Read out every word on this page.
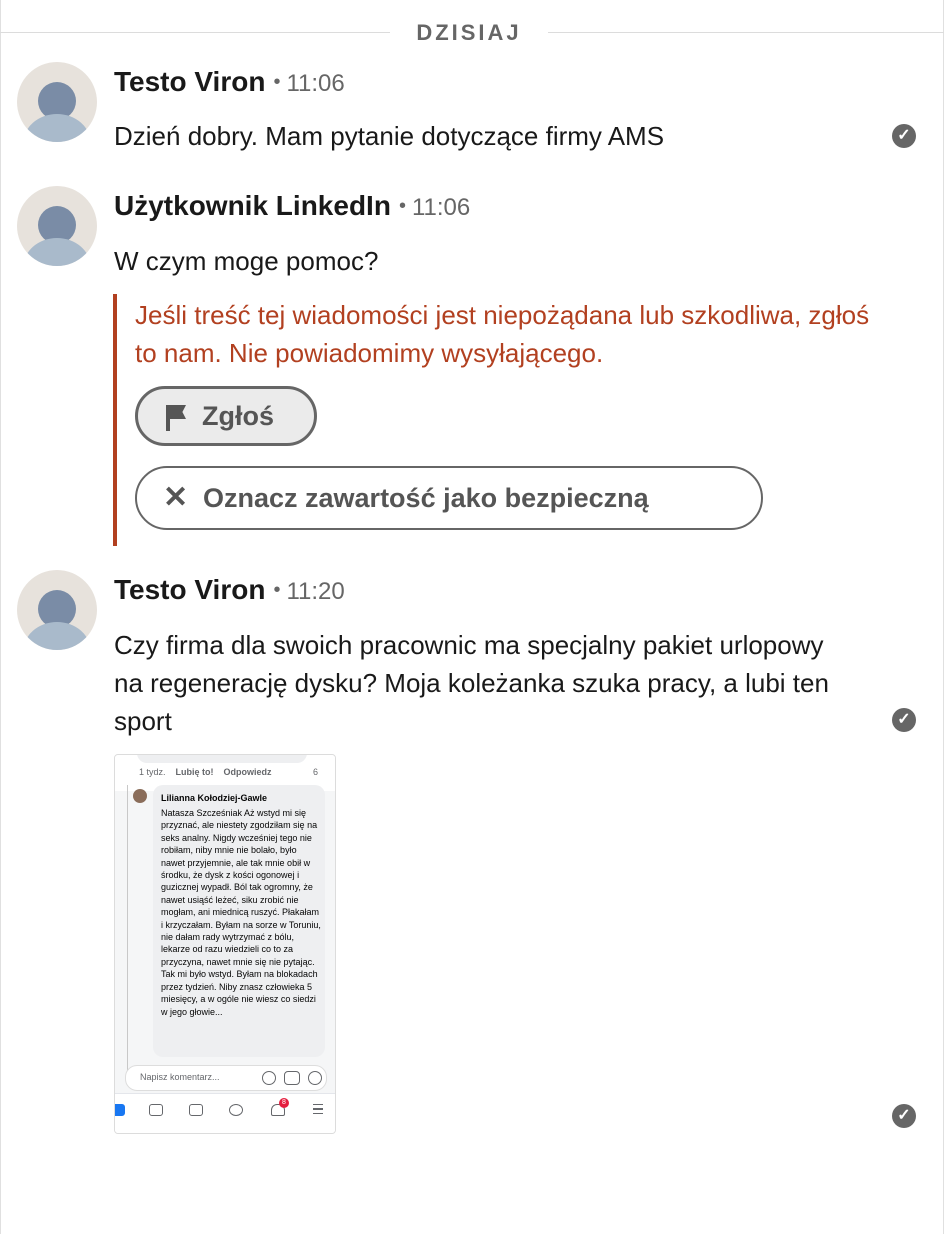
DZISIAJ
Testo Viron • 11:06
Dzień dobry. Mam pytanie dotyczące firmy AMS	✓
Użytkownik LinkedIn • 11:06
W czym moge pomoc?
Jeśli treść tej wiadomości jest niepożądana lub szkodliwa, zgłoś to nam. Nie powiadomimy wysyłającego.
Zgłoś
✕ Oznacz zawartość jako bezpieczną
Testo Viron • 11:20
Czy firma dla swoich pracownic ma specjalny pakiet urlopowy na regenerację dysku? Moja koleżanka szuka pracy, a lubi ten sport	✓
1 tydz. Lubię to! Odpowiedz	6
Lilianna Kołodziej-Gawle
Natasza Szcześniak Aż wstyd mi się przyznać, ale niestety zgodziłam się na seks analny. Nigdy wcześniej tego nie robiłam, niby mnie nie bolało, było nawet przyjemnie, ale tak mnie obił w środku, że dysk z kości ogonowej i guzicznej wypadł. Ból tak ogromny, że nawet usiąść leżeć, siku zrobić nie mogłam, ani miednicą ruszyć. Płakałam i krzyczałam. Byłam na sorze w Toruniu, nie dałam rady wytrzymać z bólu, lekarze od razu wiedzieli co to za przyczyna, nawet mnie się nie pytając. Tak mi było wstyd. Byłam na blokadach przez tydzień. Niby znasz człowieka 5 miesięcy, a w ogóle nie wiesz co siedzi w jego głowie...
Napisz komentarz...
8
✓
